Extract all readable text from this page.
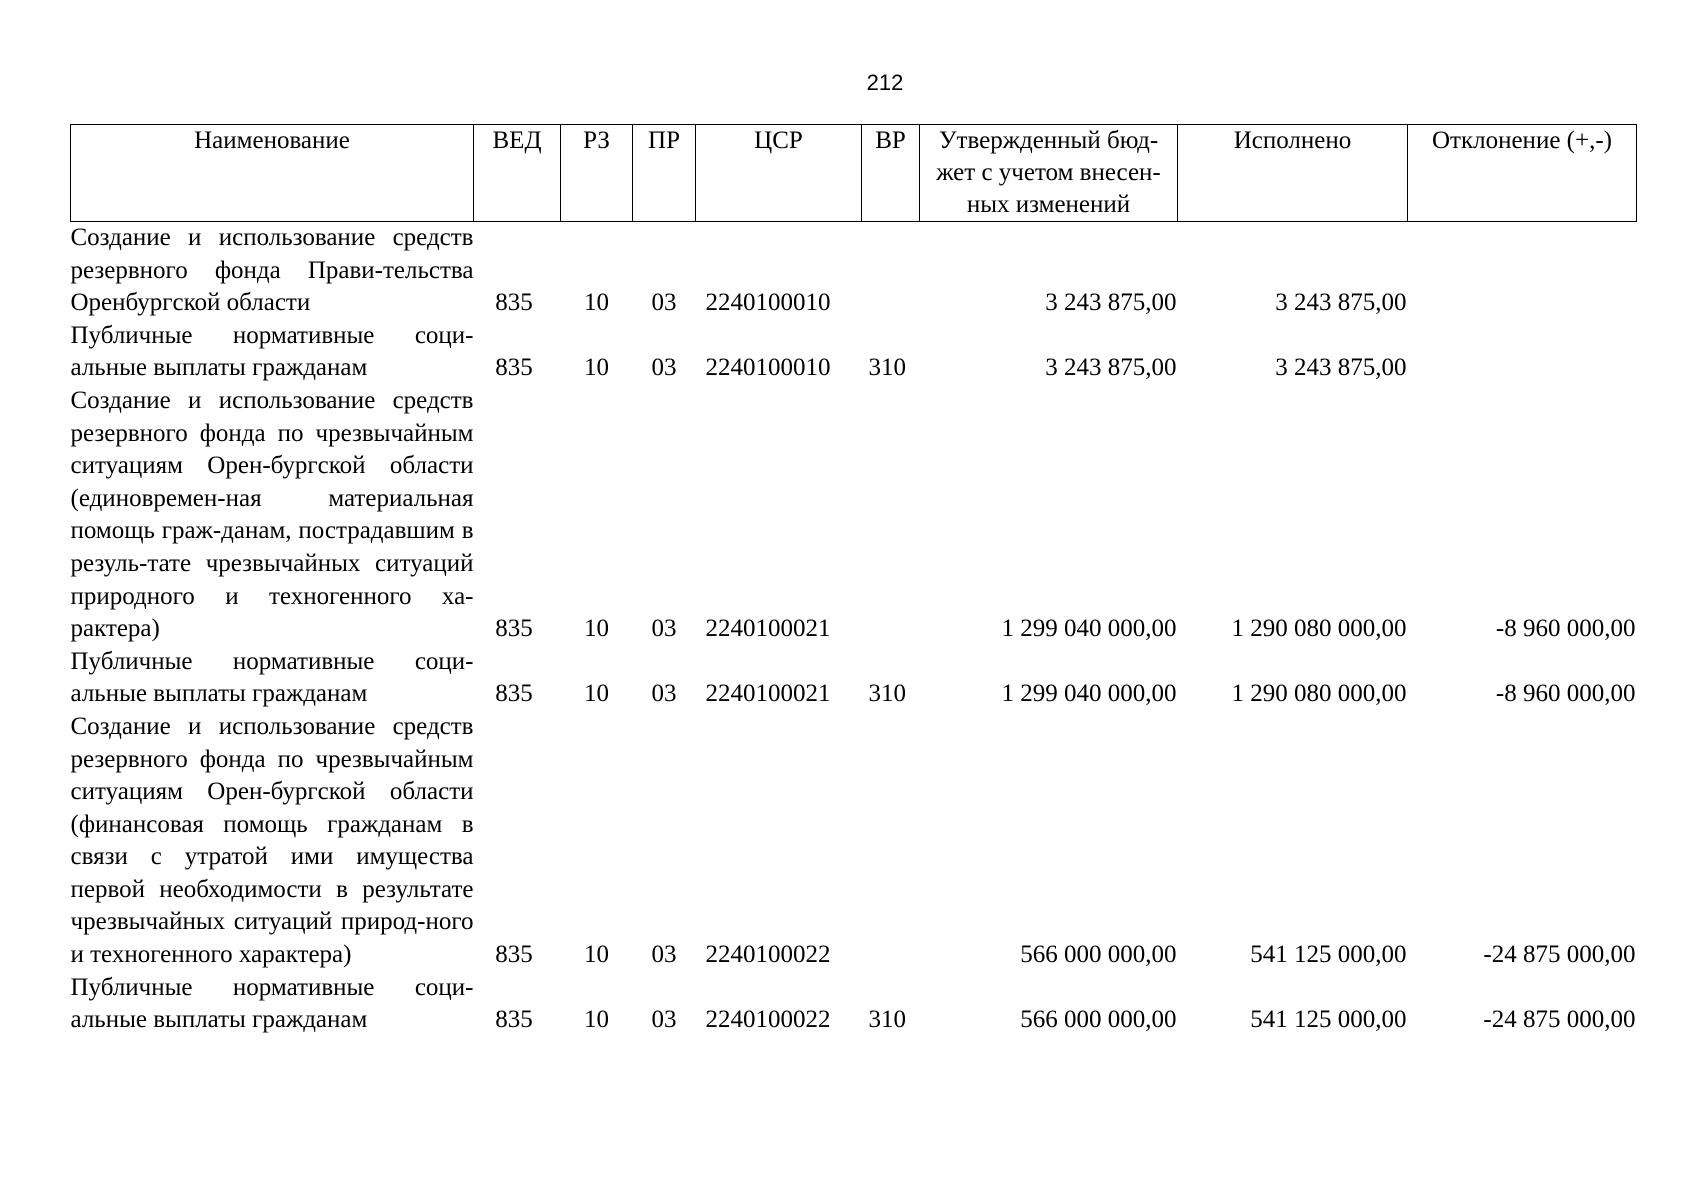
212
Наименование	ВЕД	РЗ	ПР	ЦСР	ВР	Утвержденный бюд-жет с учетом внесен-ных изменений	Исполнено	Отклонение (+,-)
Создание и использование средств резервного фонда Прави-тельства Оренбургской области	835	10	03	2240100010		3 243 875,00	3 243 875,00	
Публичные нормативные соци-альные выплаты гражданам	835	10	03	2240100010	310	3 243 875,00	3 243 875,00	
Создание и использование средств резервного фонда по чрезвычайным ситуациям Орен-бургской области (единовремен-ная материальная помощь граж-данам, пострадавшим в резуль-тате чрезвычайных ситуаций природного и техногенного ха-рактера)	835	10	03	2240100021		1 299 040 000,00	1 290 080 000,00	-8 960 000,00
Публичные нормативные соци-альные выплаты гражданам	835	10	03	2240100021	310	1 299 040 000,00	1 290 080 000,00	-8 960 000,00
Создание и использование средств резервного фонда по чрезвычайным ситуациям Орен-бургской области (финансовая помощь гражданам в связи с утратой ими имущества первой необходимости в результате чрезвычайных ситуаций природ-ного и техногенного характера)	835	10	03	2240100022		566 000 000,00	541 125 000,00	-24 875 000,00
Публичные нормативные соци-альные выплаты гражданам	835	10	03	2240100022	310	566 000 000,00	541 125 000,00	-24 875 000,00
